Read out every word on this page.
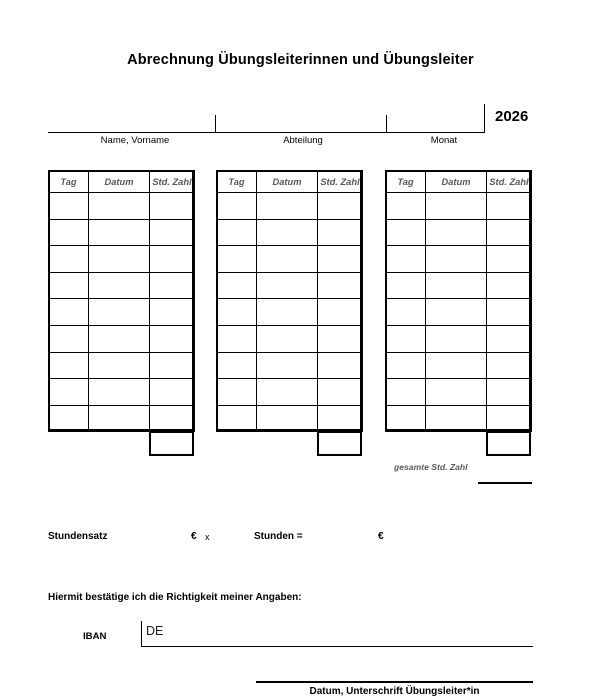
Abrechnung Übungsleiterinnen und Übungsleiter
Name, Vorname	Abteilung	Monat
2026
Tag	Datum	Std. Zahl

			Tag	Datum	Std. Zahl

			Tag	Datum	Std. Zahl

gesamte Std. Zahl
Stundensatz	€ x	Stunden =	€
Hiermit bestätige ich die Richtigkeit meiner Angaben:
IBAN	DE
Datum, Unterschrift Übungsleiter*in
